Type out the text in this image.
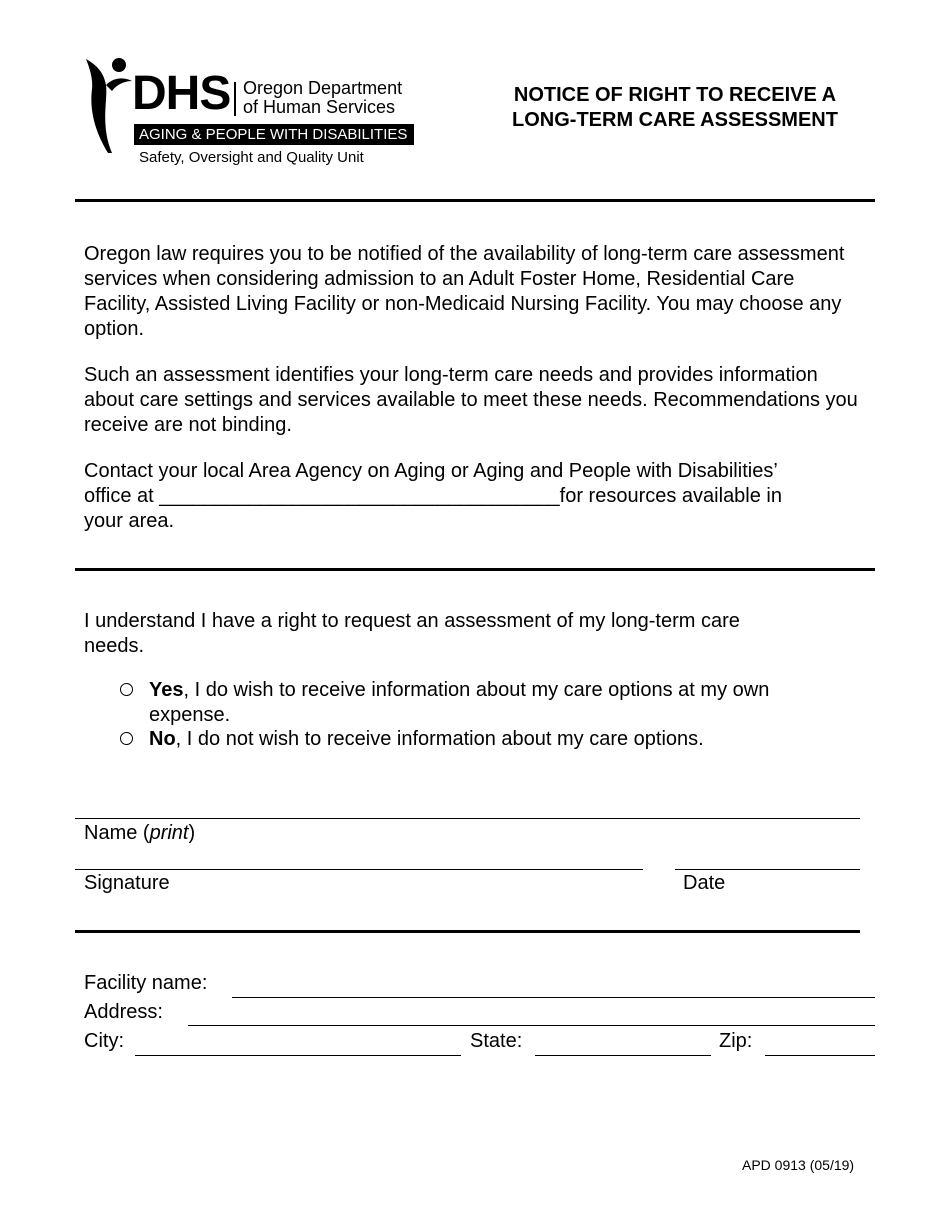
DHS Oregon Department
of Human Services
AGING & PEOPLE WITH DISABILITIES
Safety, Oversight and Quality Unit
NOTICE OF RIGHT TO RECEIVE A
LONG-TERM CARE ASSESSMENT
Oregon law requires you to be notified of the availability of long-term care assessment services when considering admission to an Adult Foster Home, Residential Care Facility, Assisted Living Facility or non-Medicaid Nursing Facility. You may choose any option.
Such an assessment identifies your long-term care needs and provides information about care settings and services available to meet these needs. Recommendations you receive are not binding.
Contact your local Area Agency on Aging or Aging and People with Disabilities’
office at ____________________________________for resources available in
your area.
I understand I have a right to request an assessment of my long-term care needs.
Yes, I do wish to receive information about my care options at my own expense.
No, I do not wish to receive information about my care options.
Name (print)
Signature	Date
Facility name:
Address:
City:	State:	Zip:
APD 0913 (05/19)
